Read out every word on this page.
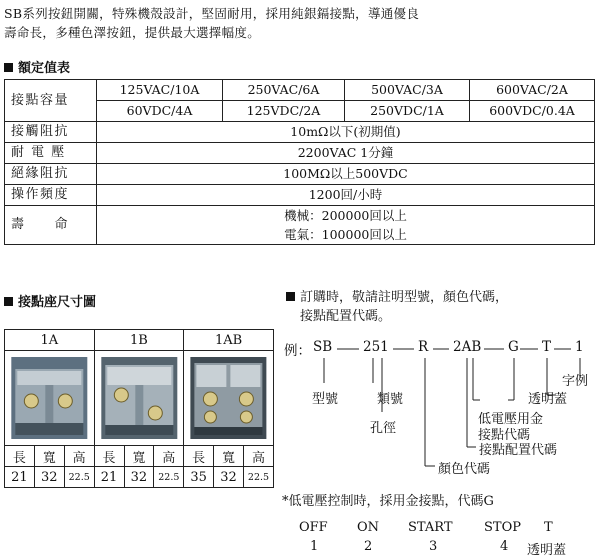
SB系列按鈕開關，特殊機殼設計，堅固耐用，採用純銀鎘接點，導通優良
壽命長，多種色澤按鈕，提供最大選擇幅度。
額定值表
接點容量	125VAC/10A	250VAC/6A	500VAC/3A	600VAC/2A
	60VDC/4A	125VDC/2A	250VDC/1A	600VDC/0.4A
接觸阻抗	10mΩ以下(初期值)			
耐 電 壓	2200VAC 1分鐘			
絕緣阻抗	100MΩ以上500VDC			
操作頻度	1200回/小時			
壽　　命	機械：200000回以上
電氣：100000回以上			
接點座尺寸圖
1A			1B			1AB		

長	寬	高	長	寬	高	長	寬	高
21	32	22.5	21	32	22.5	35	32	22.5
訂購時，敬請註明型號，顏色代碼，
接點配置代碼。
例： SB 251 R 2AB G T 1
型號	類號
孔徑
顏色代碼
接點配置代碼
低電壓用金
接點代碼
透明蓋
字例
*低電壓控制時，採用金接點，代碼G
OFF ON START STOP T
1	2	3	4 透明蓋
